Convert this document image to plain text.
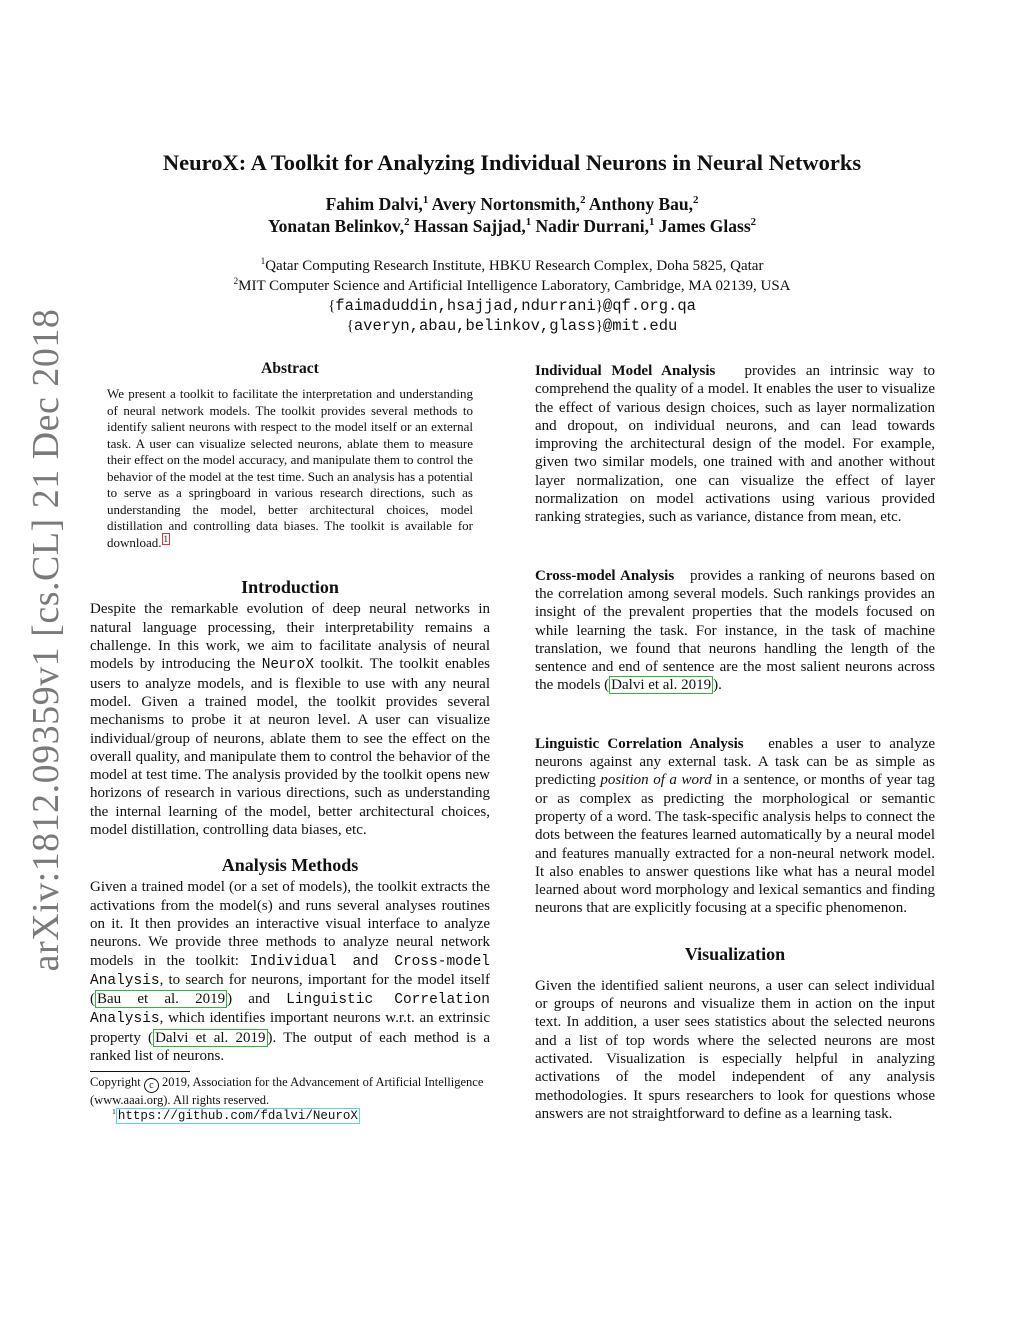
arXiv:1812.09359v1 [cs.CL] 21 Dec 2018
NeuroX: A Toolkit for Analyzing Individual Neurons in Neural Networks
Fahim Dalvi,$^1$ Avery Nortonsmith,$^2$ Anthony Bau,$^2$
Yonatan Belinkov,$^2$ Hassan Sajjad,$^1$ Nadir Durrani,$^1$ James Glass$^2$
$^1$Qatar Computing Research Institute, HBKU Research Complex, Doha 5825, Qatar
$^2$MIT Computer Science and Artificial Intelligence Laboratory, Cambridge, MA 02139, USA
{faimaduddin,hsajjad,ndurrani}@qf.org.qa
{averyn,abau,belinkov,glass}@mit.edu
Abstract

We present a toolkit to facilitate the interpretation and understanding of neural network models. The toolkit provides several methods to identify salient neurons with respect to the model itself or an external task. A user can visualize selected neurons, ablate them to measure their effect on the model accuracy, and manipulate them to control the behavior of the model at the test time. Such an analysis has a potential to serve as a springboard in various research directions, such as understanding the model, better architectural choices, model distillation and controlling data biases. The toolkit is available for download. $^1$

Introduction

Despite the remarkable evolution of deep neural networks in natural language processing, their interpretability remains a challenge. In this work, we aim to facilitate analysis of neural models by introducing the NeuroX toolkit. The toolkit enables users to analyze models, and is flexible to use with any neural model. Given a trained model, the toolkit provides several mechanisms to probe it at neuron level. A user can visualize individual/group of neurons, ablate them to see the effect on the overall quality, and manipulate them to control the behavior of the model at test time. The analysis provided by the toolkit opens new horizons of research in various directions, such as understanding the internal learning of the model, better architectural choices, model distillation, controlling data biases, etc.

Analysis Methods

Given a trained model (or a set of models), the toolkit extracts the activations from the model(s) and runs several analyses routines on it. It then provides an interactive visual interface to analyze neurons. We provide three methods to analyze neural network models in the toolkit: Individual and Cross-model Analysis, to search for neurons, important for the model itself ( Bau et al. 2019 ) and Linguistic Correlation Analysis, which identifies important neurons w.r.t. an extrinsic property ( Dalvi et al. 2019 ). The output of each method is a ranked list of neurons.

Copyright c 2019, Association for the Advancement of Artificial Intelligence (www.aaai.org). All rights reserved.

$^1$ https://github.com/fdalvi/NeuroX

Individual Model Analysis provides an intrinsic way to comprehend the quality of a model. It enables the user to visualize the effect of various design choices, such as layer normalization and dropout, on individual neurons, and can lead towards improving the architectural design of the model. For example, given two similar models, one trained with and another without layer normalization, one can visualize the effect of layer normalization on model activations using various provided ranking strategies, such as variance, distance from mean, etc.

Cross-model Analysis provides a ranking of neurons based on the correlation among several models. Such rankings provides an insight of the prevalent properties that the models focused on while learning the task. For instance, in the task of machine translation, we found that neurons handling the length of the sentence and end of sentence are the most salient neurons across the models ( Dalvi et al. 2019 ).

Linguistic Correlation Analysis enables a user to analyze neurons against any external task. A task can be as simple as predicting position of a word in a sentence, or months of year tag or as complex as predicting the morphological or semantic property of a word. The task-specific analysis helps to connect the dots between the features learned automatically by a neural model and features manually extracted for a non-neural network model. It also enables to answer questions like what has a neural model learned about word morphology and lexical semantics and finding neurons that are explicitly focusing at a specific phenomenon.

Visualization

Given the identified salient neurons, a user can select individual or groups of neurons and visualize them in action on the input text. In addition, a user sees statistics about the selected neurons and a list of top words where the selected neurons are most activated. Visualization is especially helpful in analyzing activations of the model independent of any analysis methodologies. It spurs researchers to look for questions whose answers are not straightforward to define as a learning task.
